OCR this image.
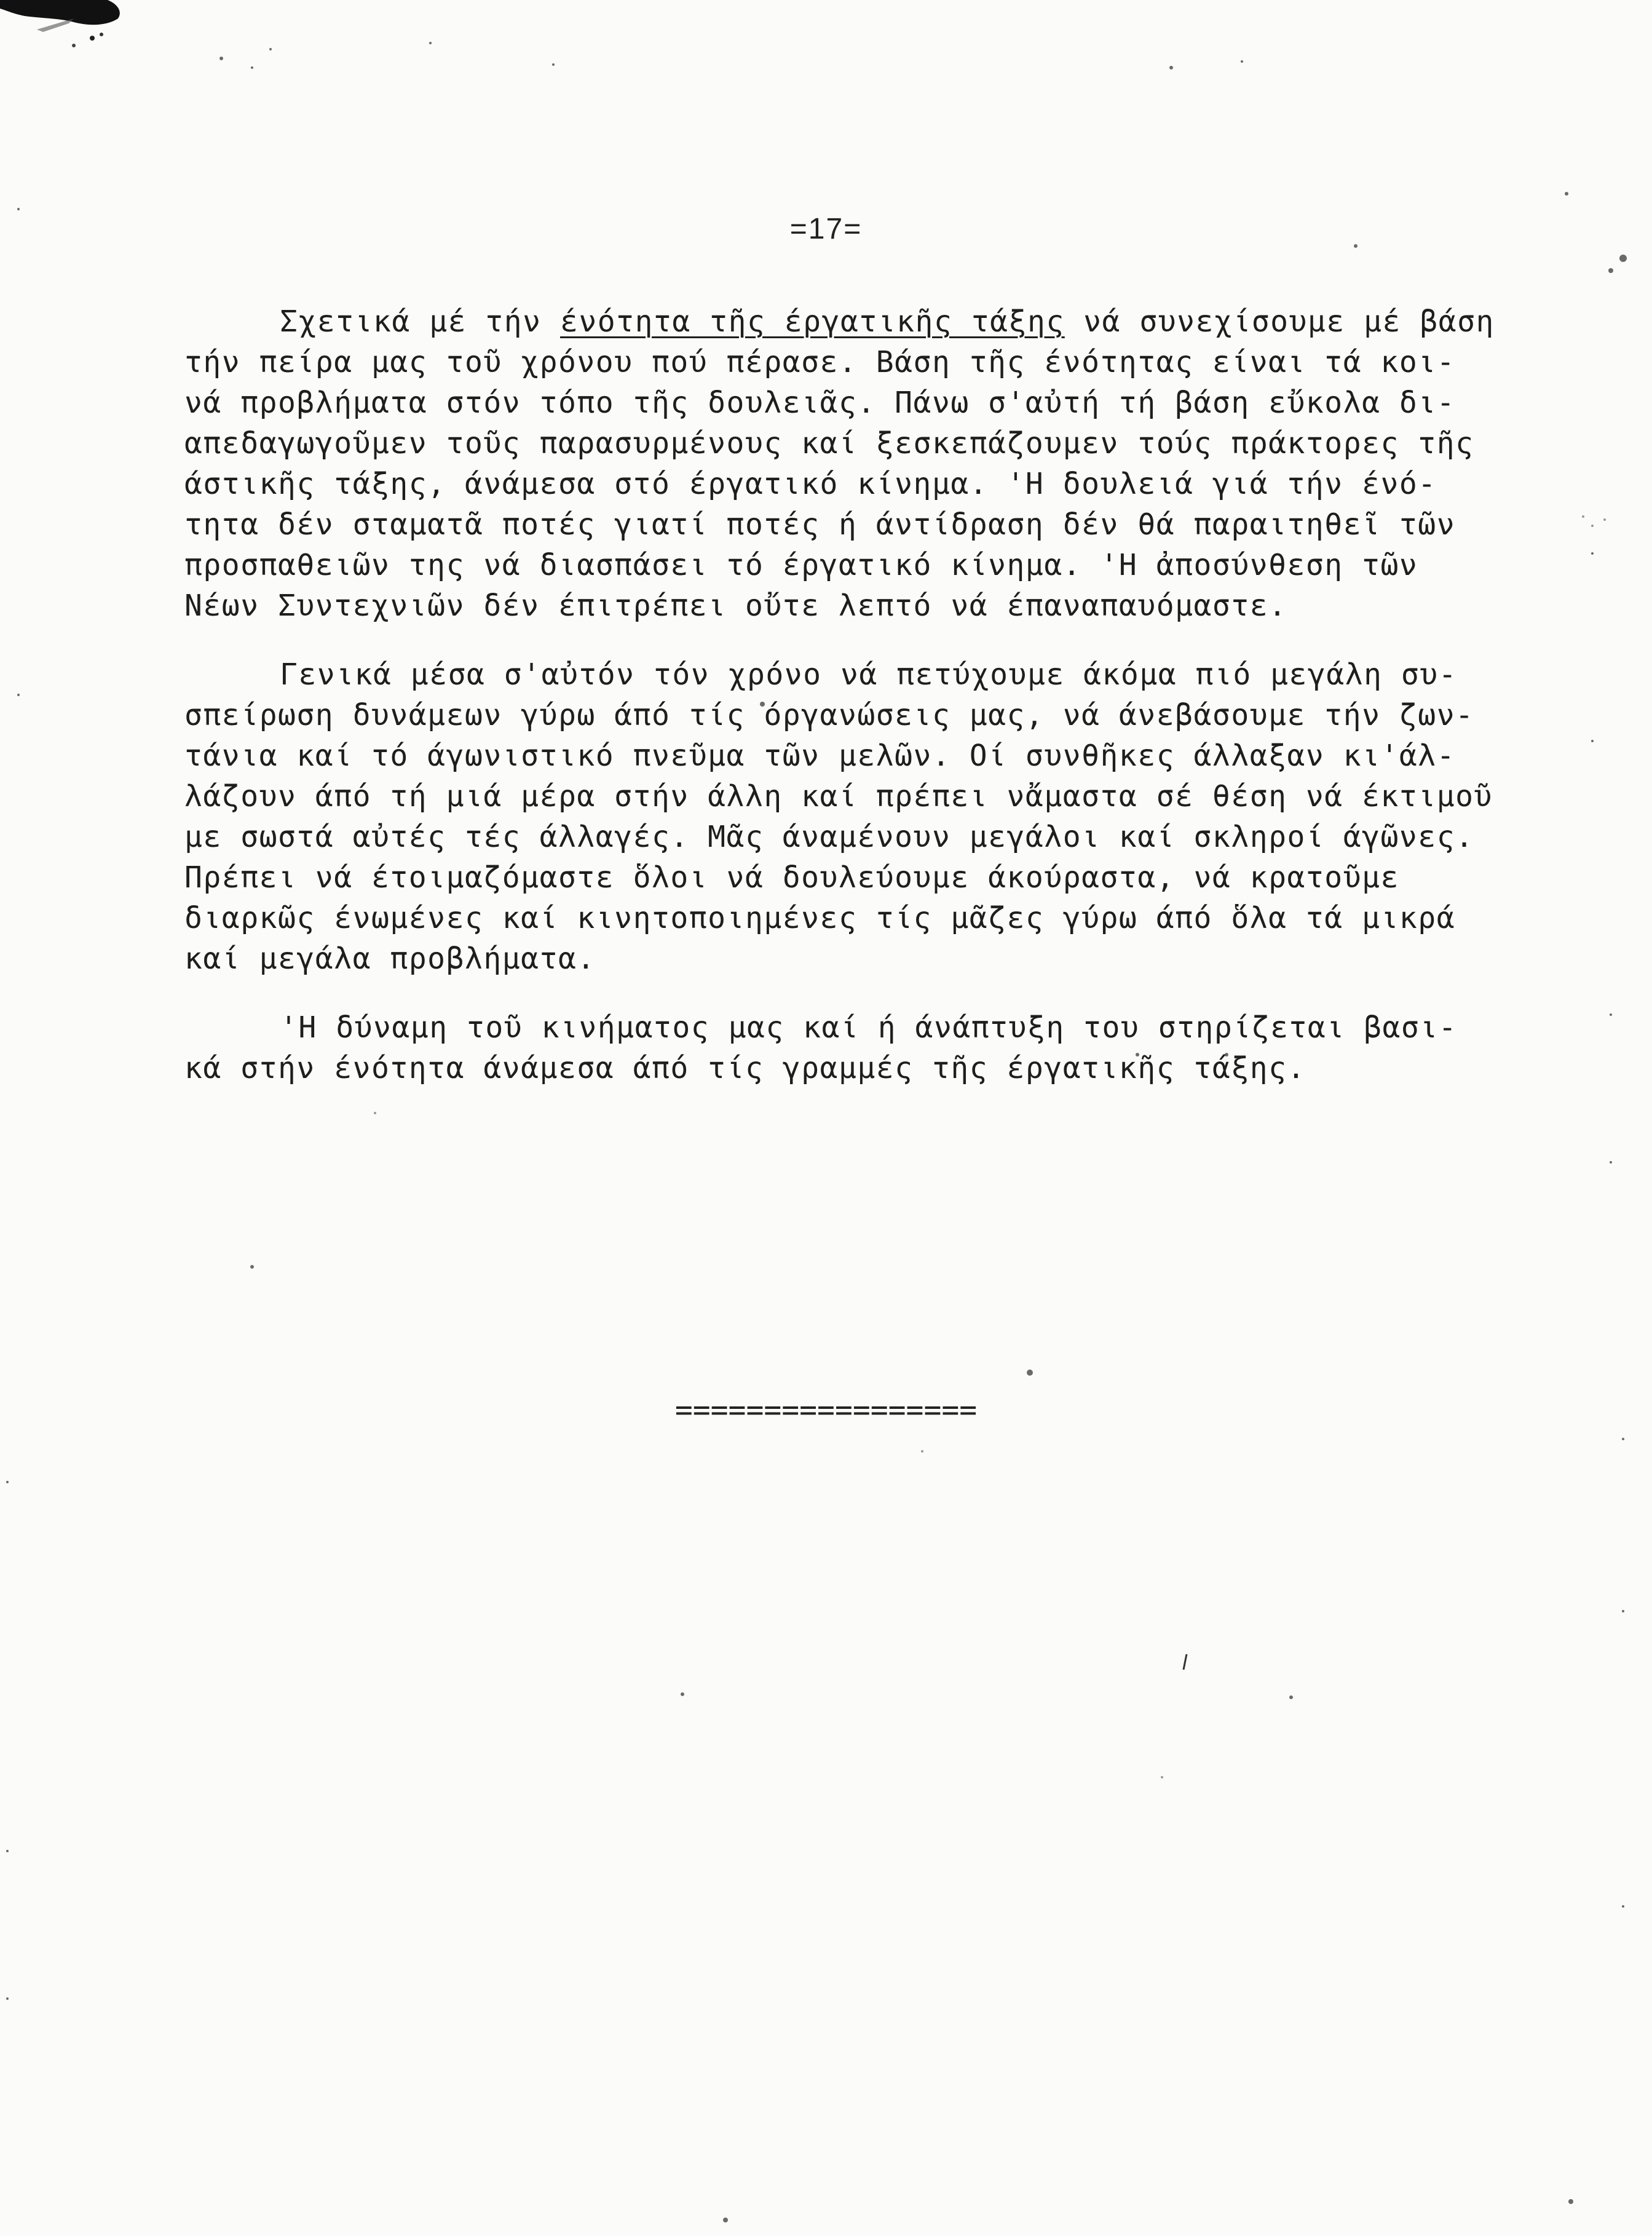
=17=
Σχετικά μέ τήν ένότητα τῆς έργατικῆς τάξης νά συνεχίσουμε μέ βάση
τήν πείρα μας τοῦ χρόνου πού πέρασε. Βάση τῆς ένότητας είναι τά κοι-
νά προβλήματα στόν τόπο τῆς δουλειᾶς. Πάνω σ'αὐτή τή βάση εὔκολα δι-
απεδαγωγοῦμεν τοῦς παρασυρμένους καί ξεσκεπάζουμεν τούς πράκτορες τῆς
άστικῆς τάξης, άνάμεσα στό έργατικό κίνημα. 'Η δουλειά γιά τήν ένό-
τητα δέν σταματᾶ ποτές γιατί ποτές ή άντίδραση δέν θά παραιτηθεῖ τῶν
προσπαθειῶν της νά διασπάσει τό έργατικό κίνημα. 'Η ἀποσύνθεση τῶν
Νέων Συντεχνιῶν δέν έπιτρέπει οὔτε λεπτό νά έπαναπαυόμαστε.
Γενικά μέσα σ'αὐτόν τόν χρόνο νά πετύχουμε άκόμα πιό μεγάλη συ-
σπείρωση δυνάμεων γύρω άπό τίς όργανώσεις μας, νά άνεβάσουμε τήν ζων-
τάνια καί τό άγωνιστικό πνεῦμα τῶν μελῶν. Οί συνθῆκες άλλαξαν κι'άλ-
λάζουν άπό τή μιά μέρα στήν άλλη καί πρέπει νἄμαστα σέ θέση νά έκτιμοῦ
με σωστά αὐτές τές άλλαγές. Μᾶς άναμένουν μεγάλοι καί σκληροί άγῶνες.
Πρέπει νά έτοιμαζόμαστε ὅλοι νά δουλεύουμε άκούραστα, νά κρατοῦμε
διαρκῶς ένωμένες καί κινητοποιημένες τίς μᾶζες γύρω άπό ὅλα τά μικρά
καί μεγάλα προβλήματα.
'Η δύναμη τοῦ κινήματος μας καί ή άνάπτυξη του στηρίζεται βασι-
κά στήν ένότητα άνάμεσα άπό τίς γραμμές τῆς έργατικῆς τάξης.
=================
